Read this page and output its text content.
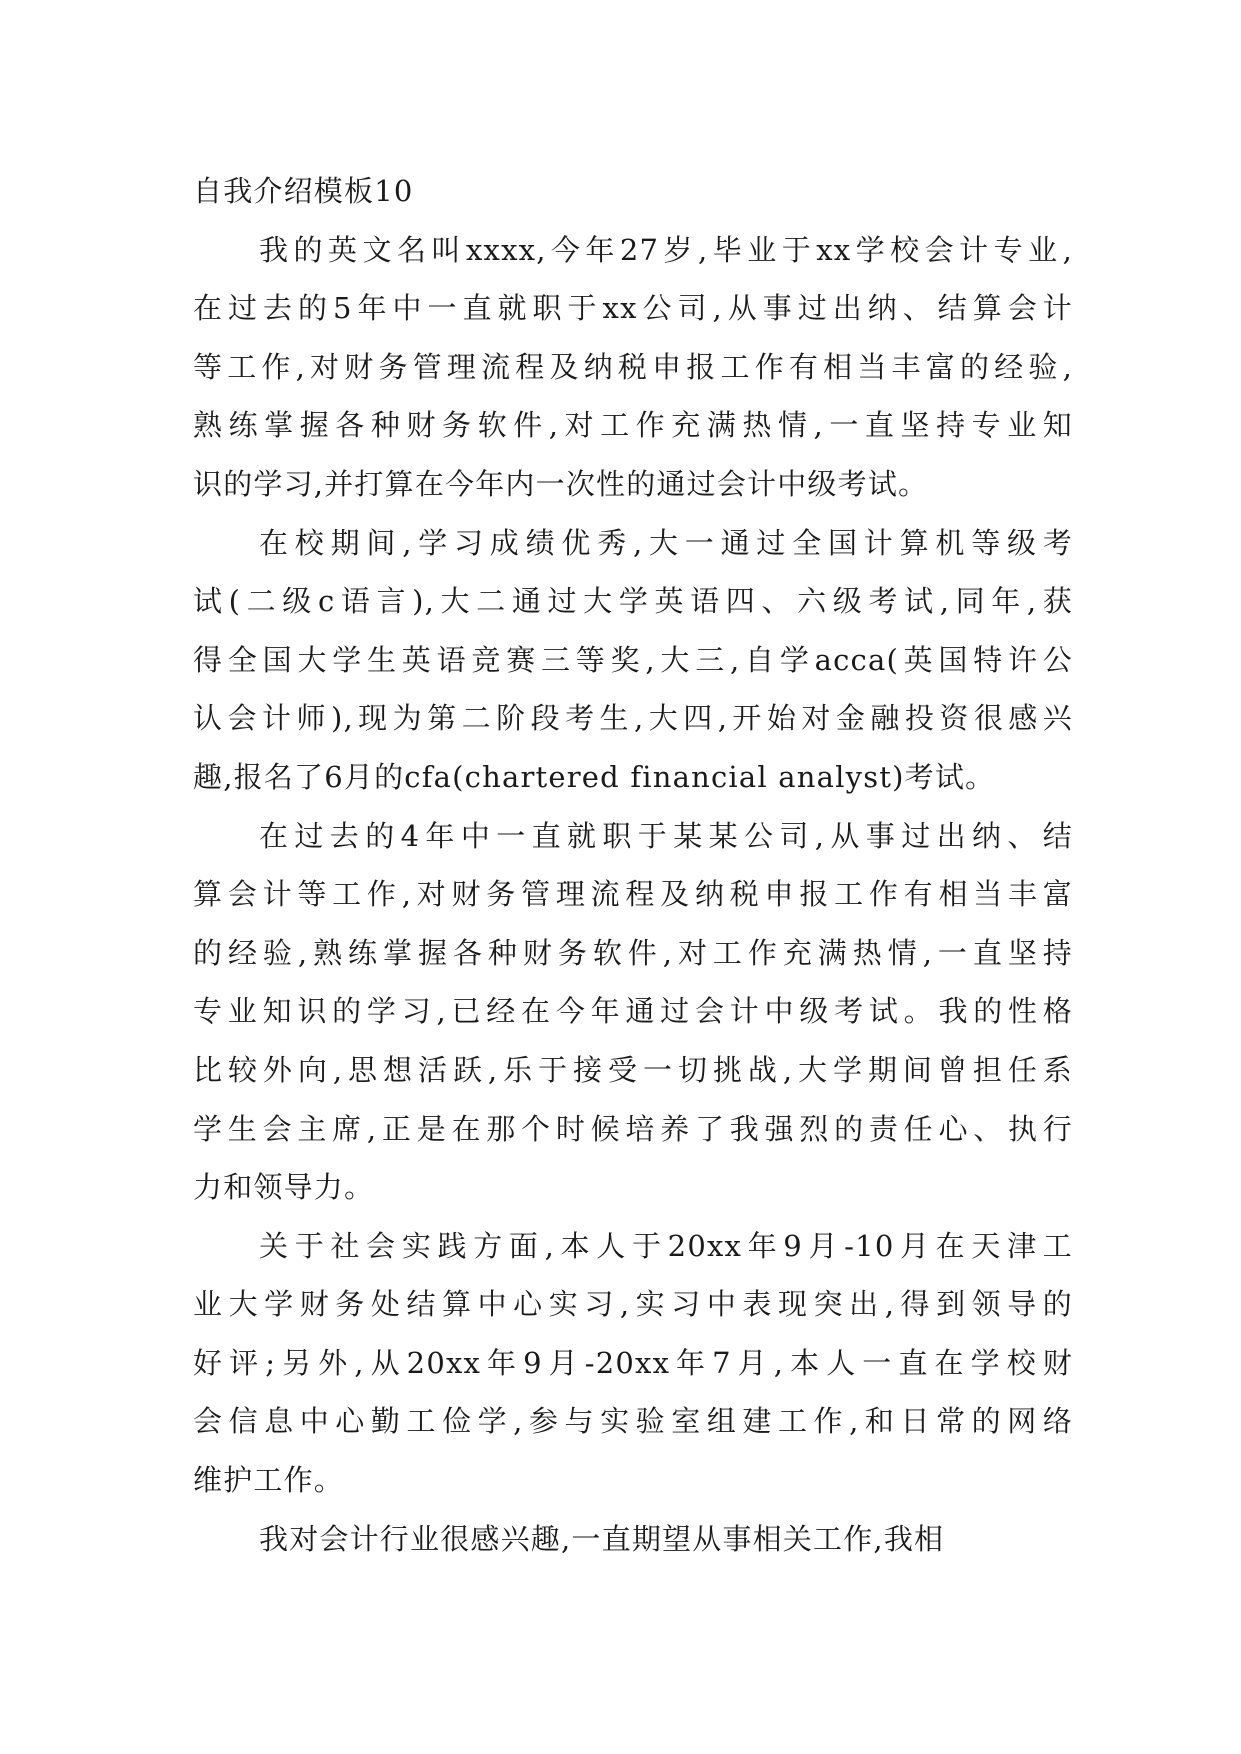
自我介绍模板10
我的英文名叫xxxx,今年27岁,毕业于xx学校会计专业,
在过去的5年中一直就职于xx公司,从事过出纳、结算会计
等工作,对财务管理流程及纳税申报工作有相当丰富的经验,
熟练掌握各种财务软件,对工作充满热情,一直坚持专业知
识的学习,并打算在今年内一次性的通过会计中级考试。
在校期间,学习成绩优秀,大一通过全国计算机等级考
试(二级c语言),大二通过大学英语四、六级考试,同年,获
得全国大学生英语竞赛三等奖,大三,自学acca(英国特许公
认会计师),现为第二阶段考生,大四,开始对金融投资很感兴
趣,报名了6月的cfa(chartered financial analyst)考试。
在过去的4年中一直就职于某某公司,从事过出纳、结
算会计等工作,对财务管理流程及纳税申报工作有相当丰富
的经验,熟练掌握各种财务软件,对工作充满热情,一直坚持
专业知识的学习,已经在今年通过会计中级考试。我的性格
比较外向,思想活跃,乐于接受一切挑战,大学期间曾担任系
学生会主席,正是在那个时候培养了我强烈的责任心、执行
力和领导力。
关于社会实践方面,本人于20xx年9月-10月在天津工
业大学财务处结算中心实习,实习中表现突出,得到领导的
好评;另外,从20xx年9月-20xx年7月,本人一直在学校财
会信息中心勤工俭学,参与实验室组建工作,和日常的网络
维护工作。
我对会计行业很感兴趣,一直期望从事相关工作,我相
